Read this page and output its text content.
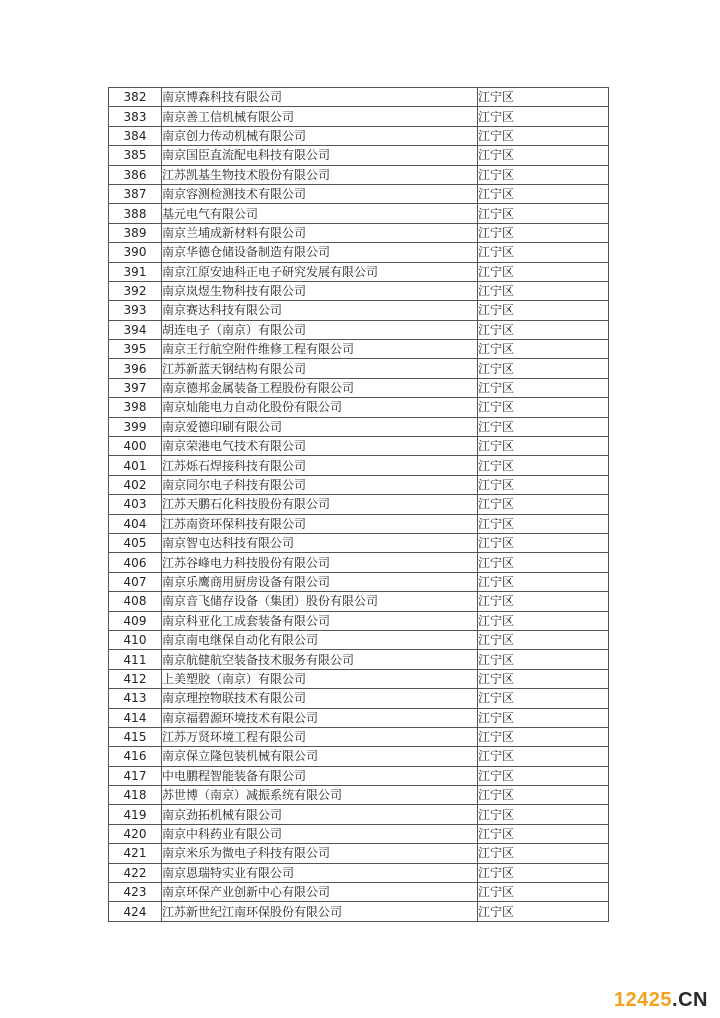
382	南京博森科技有限公司	江宁区
383	南京善工信机械有限公司	江宁区
384	南京创力传动机械有限公司	江宁区
385	南京国臣直流配电科技有限公司	江宁区
386	江苏凯基生物技术股份有限公司	江宁区
387	南京容测检测技术有限公司	江宁区
388	基元电气有限公司	江宁区
389	南京兰埔成新材料有限公司	江宁区
390	南京华德仓储设备制造有限公司	江宁区
391	南京江原安迪科正电子研究发展有限公司	江宁区
392	南京岚煜生物科技有限公司	江宁区
393	南京赛达科技有限公司	江宁区
394	胡连电子（南京）有限公司	江宁区
395	南京王行航空附件维修工程有限公司	江宁区
396	江苏新蓝天钢结构有限公司	江宁区
397	南京德邦金属装备工程股份有限公司	江宁区
398	南京灿能电力自动化股份有限公司	江宁区
399	南京爱德印刷有限公司	江宁区
400	南京荣港电气技术有限公司	江宁区
401	江苏烁石焊接科技有限公司	江宁区
402	南京同尔电子科技有限公司	江宁区
403	江苏天鹏石化科技股份有限公司	江宁区
404	江苏南资环保科技有限公司	江宁区
405	南京智屯达科技有限公司	江宁区
406	江苏谷峰电力科技股份有限公司	江宁区
407	南京乐鹰商用厨房设备有限公司	江宁区
408	南京音飞储存设备（集团）股份有限公司	江宁区
409	南京科亚化工成套装备有限公司	江宁区
410	南京南电继保自动化有限公司	江宁区
411	南京航健航空装备技术服务有限公司	江宁区
412	上美塑胶（南京）有限公司	江宁区
413	南京理控物联技术有限公司	江宁区
414	南京福碧源环境技术有限公司	江宁区
415	江苏万贤环境工程有限公司	江宁区
416	南京保立隆包装机械有限公司	江宁区
417	中电鹏程智能装备有限公司	江宁区
418	苏世博（南京）减振系统有限公司	江宁区
419	南京劲拓机械有限公司	江宁区
420	南京中科药业有限公司	江宁区
421	南京米乐为微电子科技有限公司	江宁区
422	南京恩瑞特实业有限公司	江宁区
423	南京环保产业创新中心有限公司	江宁区
424	江苏新世纪江南环保股份有限公司	江宁区
12425.CN
